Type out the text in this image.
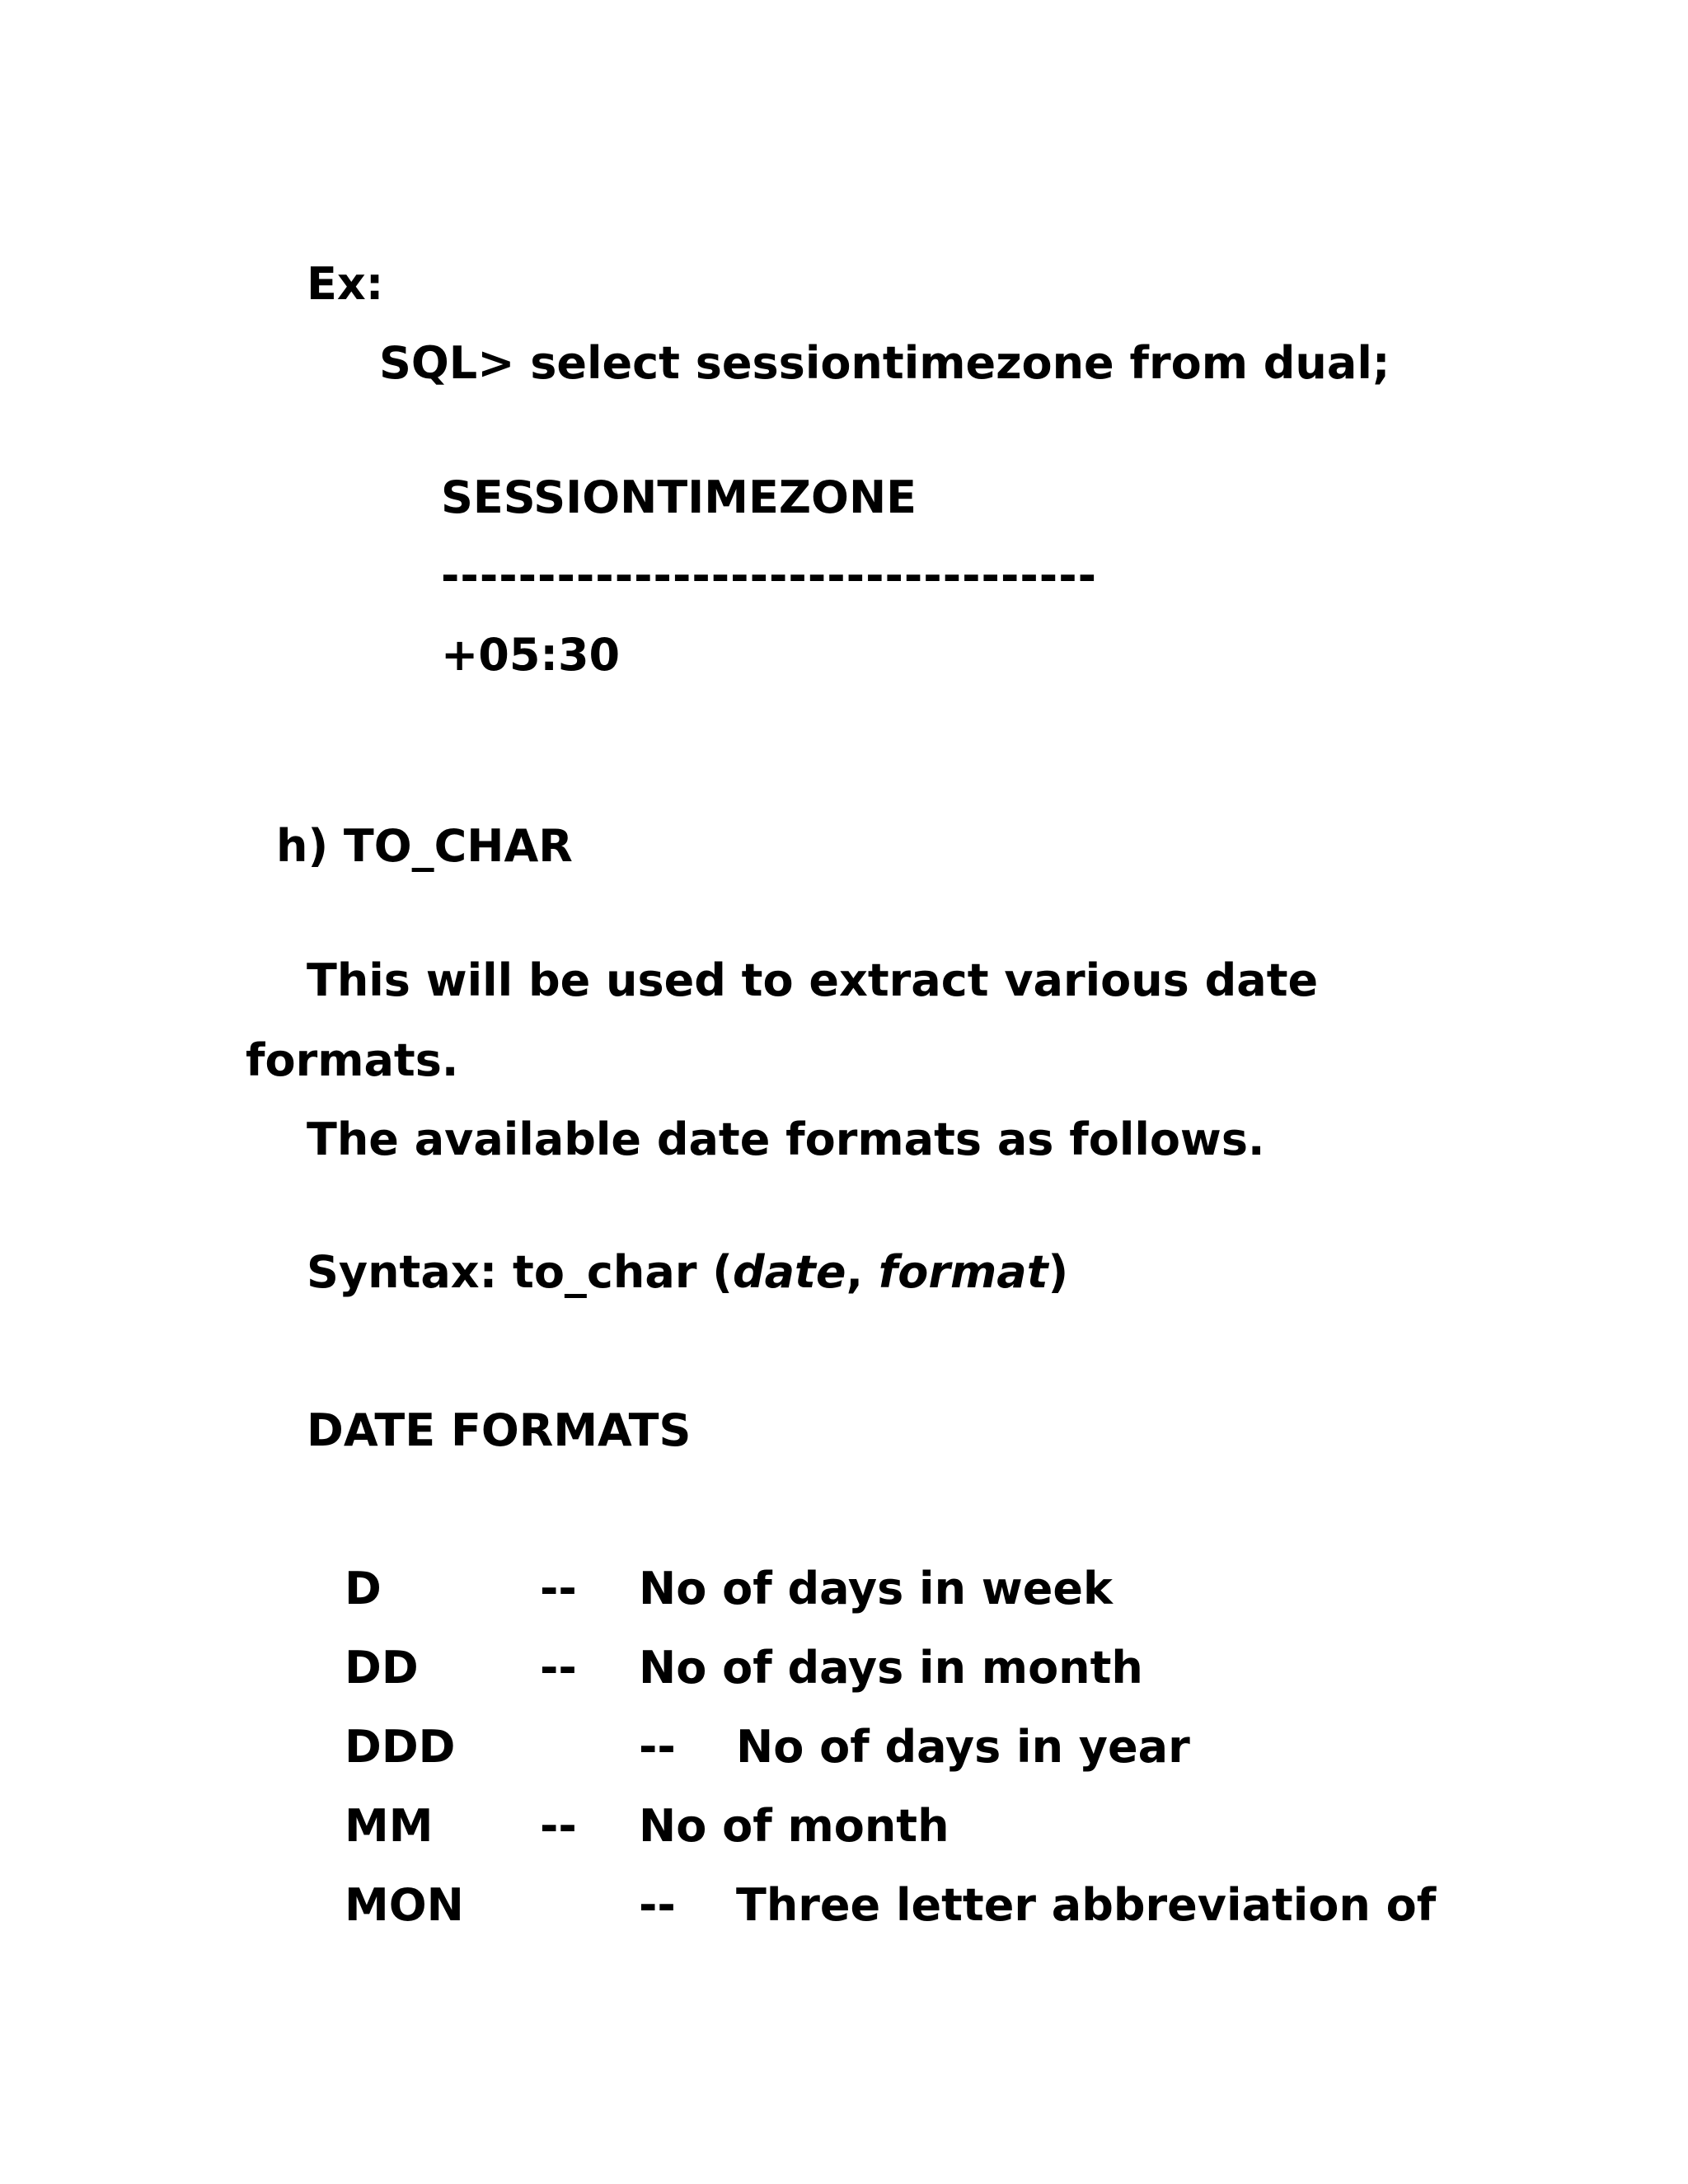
Ex:
SQL> select sessiontimezone from dual;
SESSIONTIMEZONE
----------------------------------
+05:30
h) TO_CHAR
This will be used to extract various date
formats.
The available date formats as follows.
Syntax: to_char (date, format)
DATE FORMATS
D	-- No of days in week
DD	-- No of days in month
DDD	-- No of days in year
MM -- No of month
MON	-- Three letter abbreviation of
